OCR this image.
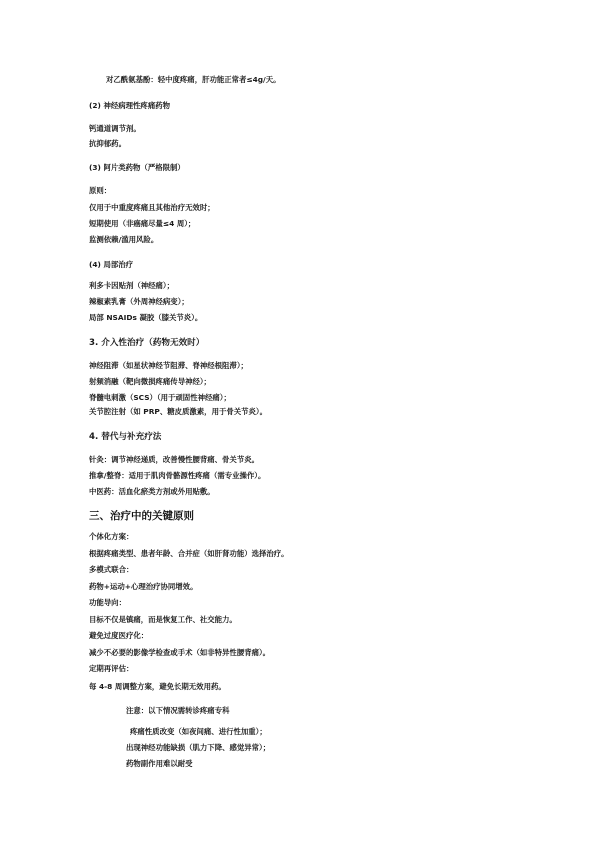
对乙酰氨基酚：轻中度疼痛，肝功能正常者≤4g/天。
(2) 神经病理性疼痛药物
钙通道调节剂。
抗抑郁药。
(3) 阿片类药物（严格限制）
原则：
仅用于中重度疼痛且其他治疗无效时；
短期使用（非癌痛尽量≤4 周）；
监测依赖/滥用风险。
(4) 局部治疗
利多卡因贴剂（神经痛）；
辣椒素乳膏（外周神经病变）；
局部 NSAIDs 凝胶（膝关节炎）。
3. 介入性治疗（药物无效时）
神经阻滞（如星状神经节阻滞、脊神经根阻滞）；
射频消融（靶向微损疼痛传导神经）；
脊髓电刺激（SCS）（用于顽固性神经痛）；
关节腔注射（如 PRP、糖皮质激素，用于骨关节炎）。
4. 替代与补充疗法
针灸：调节神经递质，改善慢性腰背痛、骨关节炎。
推拿/整脊：适用于肌肉骨骼源性疼痛（需专业操作）。
中医药：活血化瘀类方剂或外用贴敷。
三、治疗中的关键原则
个体化方案：
根据疼痛类型、患者年龄、合并症（如肝肾功能）选择治疗。
多模式联合：
药物+运动+心理治疗协同增效。
功能导向：
目标不仅是镇痛，而是恢复工作、社交能力。
避免过度医疗化：
减少不必要的影像学检查或手术（如非特异性腰背痛）。
定期再评估：
每 4-8 周调整方案，避免长期无效用药。
注意：以下情况需转诊疼痛专科
疼痛性质改变（如夜间痛、进行性加重）；
出现神经功能缺损（肌力下降、感觉异常）；
药物副作用难以耐受
